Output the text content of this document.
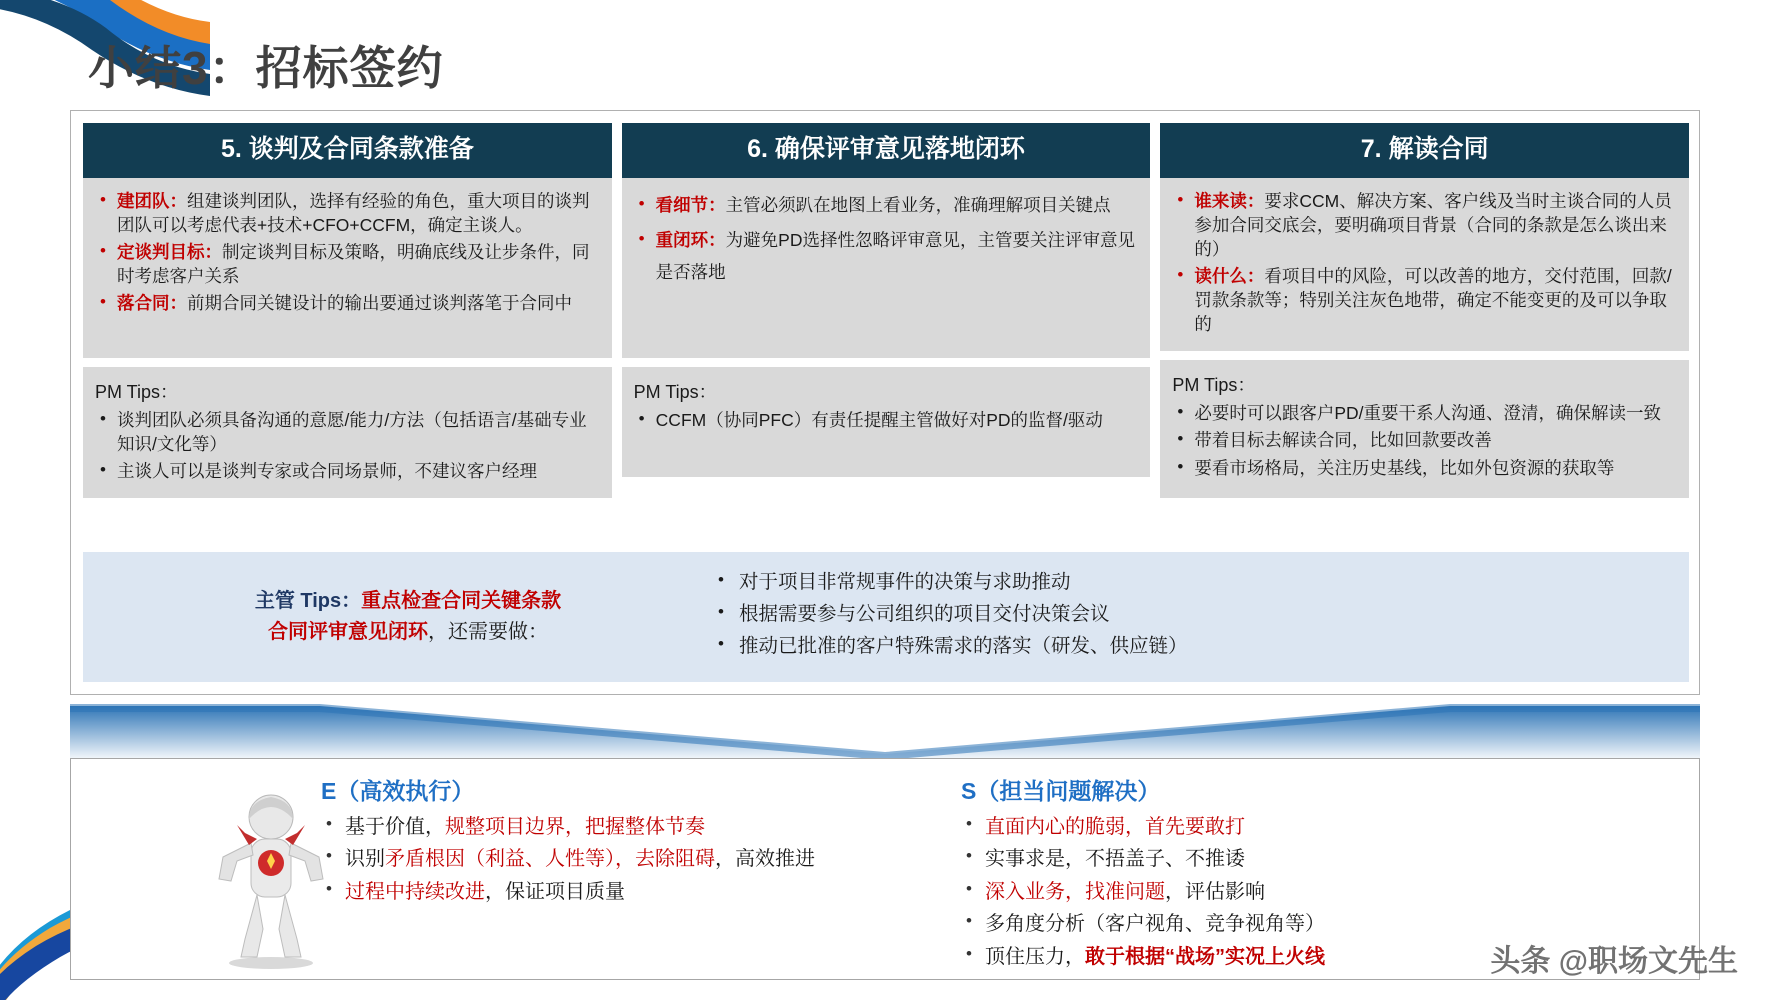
小结3：招标签约
5. 谈判及合同条款准备
• 建团队：组建谈判团队，选择有经验的角色，重大项目的谈判团队可以考虑代表+技术+CFO+CCFM，确定主谈人。
• 定谈判目标：制定谈判目标及策略，明确底线及让步条件，同时考虑客户关系
• 落合同：前期合同关键设计的输出要通过谈判落笔于合同中
PM Tips：
• 谈判团队必须具备沟通的意愿/能力/方法（包括语言/基础专业知识/文化等）
• 主谈人可以是谈判专家或合同场景师，不建议客户经理
6. 确保评审意见落地闭环
• 看细节：主管必须趴在地图上看业务，准确理解项目关键点
• 重闭环：为避免PD选择性忽略评审意见，主管要关注评审意见是否落地
PM Tips：
• CCFM（协同PFC）有责任提醒主管做好对PD的监督/驱动
7. 解读合同
• 谁来读：要求CCM、解决方案、客户线及当时主谈合同的人员参加合同交底会，要明确项目背景（合同的条款是怎么谈出来的）
• 读什么：看项目中的风险，可以改善的地方，交付范围，回款/罚款条款等；特别关注灰色地带，确定不能变更的及可以争取的
PM Tips：
• 必要时可以跟客户PD/重要干系人沟通、澄清，确保解读一致
• 带着目标去解读合同，比如回款要改善
• 要看市场格局，关注历史基线，比如外包资源的获取等
主管 Tips：重点检查合同关键条款
合同评审意见闭环，还需要做：
• 对于项目非常规事件的决策与求助推动
• 根据需要参与公司组织的项目交付决策会议
• 推动已批准的客户特殊需求的落实（研发、供应链）
E（高效执行）
• 基于价值，规整项目边界，把握整体节奏
• 识别矛盾根因（利益、人性等），去除阻碍，高效推进
• 过程中持续改进，保证项目质量
S（担当问题解决）
• 直面内心的脆弱，首先要敢打
• 实事求是，不捂盖子、不推诿
• 深入业务，找准问题，评估影响
• 多角度分析（客户视角、竞争视角等）
• 顶住压力，敢于根据“战场”实况上火线	头条 @职场文先生
